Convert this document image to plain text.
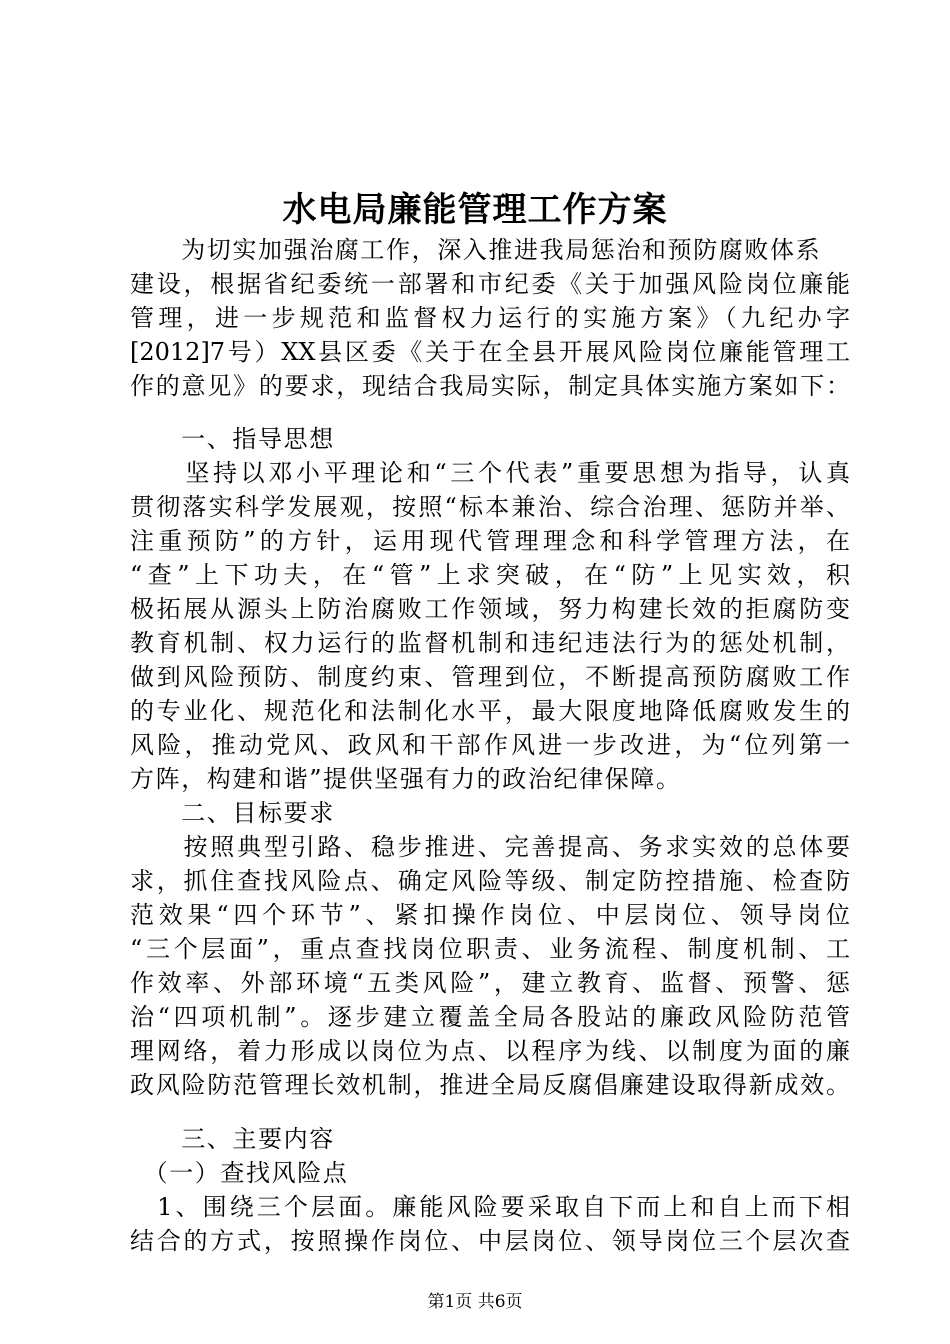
水电局廉能管理工作方案
　　为切实加强治腐工作，深入推进我局惩治和预防腐败体系
建设，根据省纪委统一部署和市纪委《关于加强风险岗位廉能
管理，进一步规范和监督权力运行的实施方案》（九纪办字
[2012]7号）XX县区委《关于在全县开展风险岗位廉能管理工
作的意见》的要求，现结合我局实际，制定具体实施方案如下：
　　一、指导思想
　　坚持以邓小平理论和“三个代表”重要思想为指导，认真
贯彻落实科学发展观，按照“标本兼治、综合治理、惩防并举、
注重预防”的方针，运用现代管理理念和科学管理方法，在
“查”上下功夫，在“管”上求突破，在“防”上见实效，积
极拓展从源头上防治腐败工作领域，努力构建长效的拒腐防变
教育机制、权力运行的监督机制和违纪违法行为的惩处机制，
做到风险预防、制度约束、管理到位，不断提高预防腐败工作
的专业化、规范化和法制化水平，最大限度地降低腐败发生的
风险，推动党风、政风和干部作风进一步改进，为“位列第一
方阵，构建和谐”提供坚强有力的政治纪律保障。
　　二、目标要求
　　按照典型引路、稳步推进、完善提高、务求实效的总体要
求，抓住查找风险点、确定风险等级、制定防控措施、检查防
范效果“四个环节”、紧扣操作岗位、中层岗位、领导岗位
“三个层面”，重点查找岗位职责、业务流程、制度机制、工
作效率、外部环境“五类风险”，建立教育、监督、预警、惩
治“四项机制”。逐步建立覆盖全局各股站的廉政风险防范管
理网络，着力形成以岗位为点、以程序为线、以制度为面的廉
政风险防范管理长效机制，推进全局反腐倡廉建设取得新成效。
　　三、主要内容
　（一）查找风险点
　1、围绕三个层面。廉能风险要采取自下而上和自上而下相
结合的方式，按照操作岗位、中层岗位、领导岗位三个层次查
第1页 共6页
